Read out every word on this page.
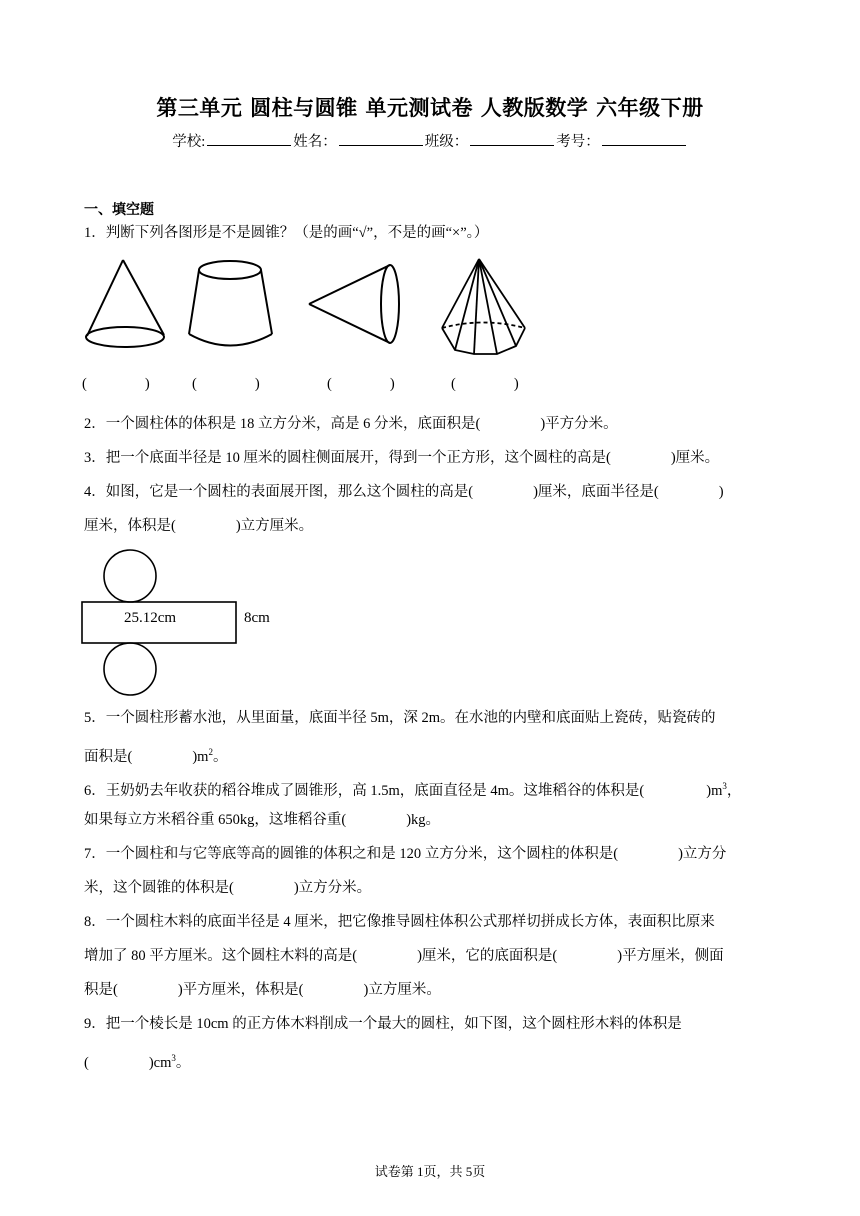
第三单元 圆柱与圆锥 单元测试卷 人教版数学 六年级下册
学校:	姓名：	班级：	考号：
一、填空题
1．判断下列各图形是不是圆锥？（是的画“√”，不是的画“×”。）
(	)	(	)	(	)	(	)
2．一个圆柱体的体积是 18 立方分米，高是 6 分米，底面积是(	)平方分米。
3．把一个底面半径是 10 厘米的圆柱侧面展开，得到一个正方形，这个圆柱的高是(	)厘米。
4．如图，它是一个圆柱的表面展开图，那么这个圆柱的高是(	)厘米，底面半径是(	)
厘米，体积是(	)立方厘米。
25.12cm	8cm
5．一个圆柱形蓄水池，从里面量，底面半径 5m，深 2m。在水池的内壁和底面贴上瓷砖，贴瓷砖的
面积是(	)$m^2$。
6．王奶奶去年收获的稻谷堆成了圆锥形，高 1.5m，底面直径是 4m。这堆稻谷的体积是(	)$m^3$，
如果每立方米稻谷重 650kg，这堆稻谷重(	)kg。
7．一个圆柱和与它等底等高的圆锥的体积之和是 120 立方分米，这个圆柱的体积是(	)立方分
米，这个圆锥的体积是(	)立方分米。
8．一个圆柱木料的底面半径是 4 厘米，把它像推导圆柱体积公式那样切拼成长方体，表面积比原来
增加了 80 平方厘米。这个圆柱木料的高是(	)厘米，它的底面积是(	)平方厘米，侧面
积是(	)平方厘米，体积是(	)立方厘米。
9．把一个棱长是 10cm 的正方体木料削成一个最大的圆柱，如下图，这个圆柱形木料的体积是
(	)$cm^3$。
试卷第 1页，共 5页
